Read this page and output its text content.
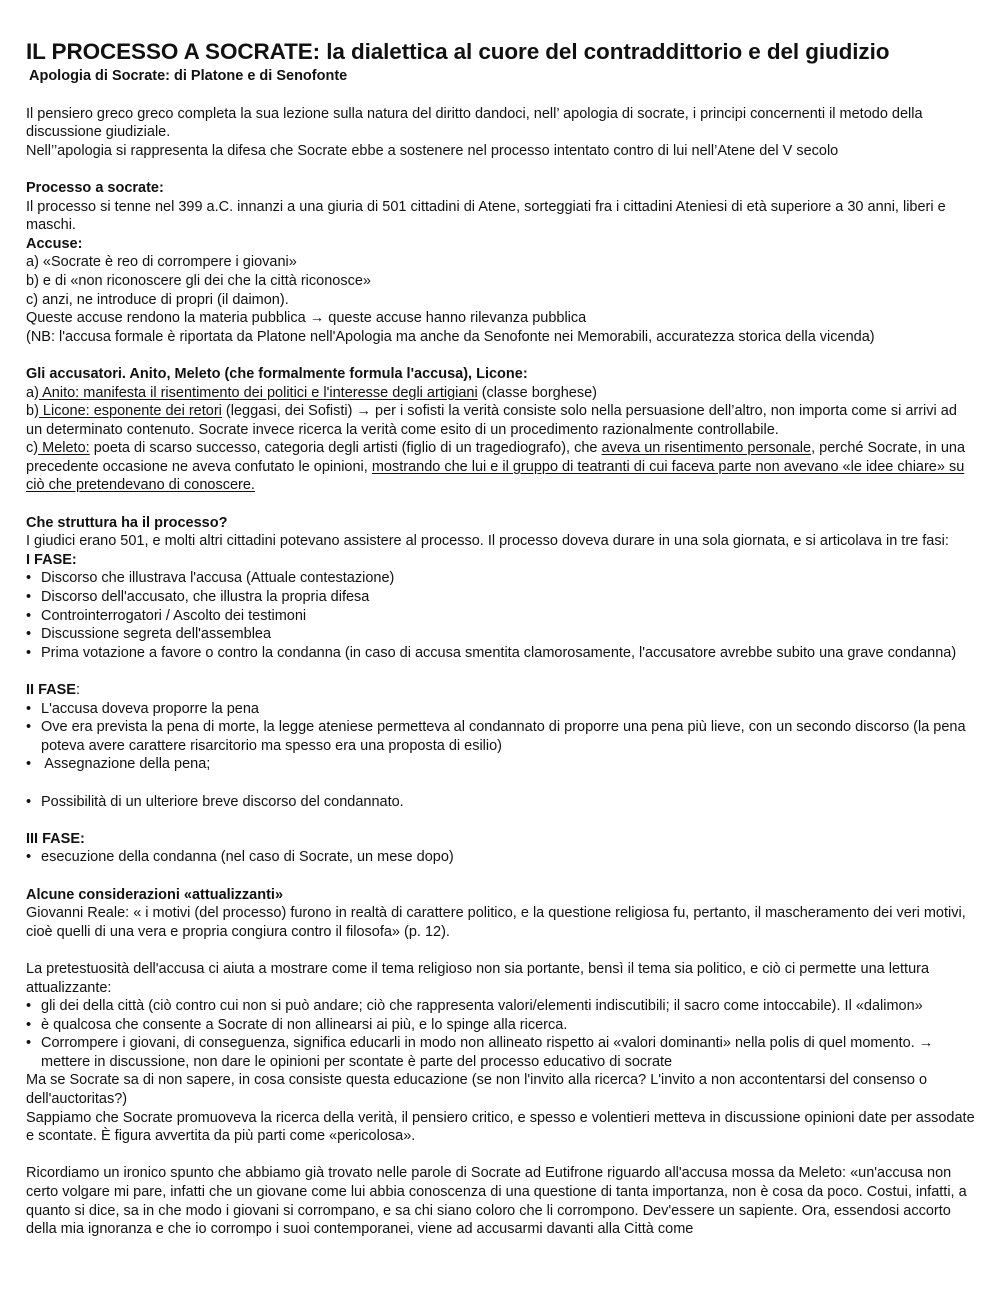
IL PROCESSO A SOCRATE: la dialettica al cuore del contraddittorio e del giudizio
Apologia di Socrate: di Platone e di Senofonte

Il pensiero greco greco completa la sua lezione sulla natura del diritto dandoci, nell’ apologia di socrate, i principi concernenti il metodo della discussione giudiziale.

Nell’’apologia si rappresenta la difesa che Socrate ebbe a sostenere nel processo intentato contro di lui nell’Atene del V secolo

Processo a socrate:

Il processo si tenne nel 399 a.C. innanzi a una giuria di 501 cittadini di Atene, sorteggiati fra i cittadini Ateniesi di età superiore a 30 anni, liberi e maschi.

Accuse:

a) «Socrate è reo di corrompere i giovani»

b) e di «non riconoscere gli dei che la città riconosce»

c) anzi, ne introduce di propri (il daimon).

Queste accuse rendono la materia pubblica → queste accuse hanno rilevanza pubblica

(NB: l'accusa formale è riportata da Platone nell'Apologia ma anche da Senofonte nei Memorabili, accuratezza storica della vicenda)

Gli accusatori. Anito, Meleto (che formalmente formula l'accusa), Licone:

a) Anito: manifesta il risentimento dei politici e l'interesse degli artigiani (classe borghese)

b) Licone: esponente dei retori (leggasi, dei Sofisti) → per i sofisti la verità consiste solo nella persuasione dell’altro, non importa come si arrivi ad un determinato contenuto. Socrate invece ricerca la verità come esito di un procedimento razionalmente controllabile.

c) Meleto: poeta di scarso successo, categoria degli artisti (figlio di un tragediografo), che aveva un risentimento personale, perché Socrate, in una precedente occasione ne aveva confutato le opinioni, mostrando che lui e il gruppo di teatranti di cui faceva parte non avevano «le idee chiare» su ciò che pretendevano di conoscere.

Che struttura ha il processo?

I giudici erano 501, e molti altri cittadini potevano assistere al processo. Il processo doveva durare in una sola giornata, e si articolava in tre fasi:

I FASE:

• Discorso che illustrava l'accusa (Attuale contestazione)
• Discorso dell'accusato, che illustra la propria difesa
• Controinterrogatori / Ascolto dei testimoni
• Discussione segreta dell'assemblea
• Prima votazione a favore o contro la condanna (in caso di accusa smentita clamorosamente, l'accusatore avrebbe subito una grave condanna)

II FASE:

• L'accusa doveva proporre la pena
• Ove era prevista la pena di morte, la legge ateniese permetteva al condannato di proporre una pena più lieve, con un secondo discorso (la pena poteva avere carattere risarcitorio ma spesso era una proposta di esilio)
•  Assegnazione della pena;
• Possibilità di un ulteriore breve discorso del condannato.

III FASE:

• esecuzione della condanna (nel caso di Socrate, un mese dopo)

Alcune considerazioni «attualizzanti»

Giovanni Reale: « i motivi (del processo) furono in realtà di carattere politico, e la questione religiosa fu, pertanto, il mascheramento dei veri motivi, cioè quelli di una vera e propria congiura contro il filosofa» (p. 12).

La pretestuosità dell'accusa ci aiuta a mostrare come il tema religioso non sia portante, bensì il tema sia politico, e ciò ci permette una lettura attualizzante:

• gli dei della città (ciò contro cui non si può andare; ciò che rappresenta valori/elementi indiscutibili; il sacro come intoccabile). Il «dalimon»
• è qualcosa che consente a Socrate di non allinearsi ai più, e lo spinge alla ricerca.
• Corrompere i giovani, di conseguenza, significa educarli in modo non allineato rispetto ai «valori dominanti» nella polis di quel momento. → mettere in discussione, non dare le opinioni per scontate è parte del processo educativo di socrate

Ma se Socrate sa di non sapere, in cosa consiste questa educazione (se non l'invito alla ricerca? L'invito a non accontentarsi del consenso o dell'auctoritas?)

Sappiamo che Socrate promuoveva la ricerca della verità, il pensiero critico, e spesso e volentieri metteva in discussione opinioni date per assodate e scontate. È figura avvertita da più parti come «pericolosa».

Ricordiamo un ironico spunto che abbiamo già trovato nelle parole di Socrate ad Eutifrone riguardo all'accusa mossa da Meleto: «un'accusa non certo volgare mi pare, infatti che un giovane come lui abbia conoscenza di una questione di tanta importanza, non è cosa da poco. Costui, infatti, a quanto si dice, sa in che modo i giovani si corrompano, e sa chi siano coloro che li corrompono. Dev'essere un sapiente. Ora, essendosi accorto della mia ignoranza e che io corrompo i suoi contemporanei, viene ad accusarmi davanti alla Città come
